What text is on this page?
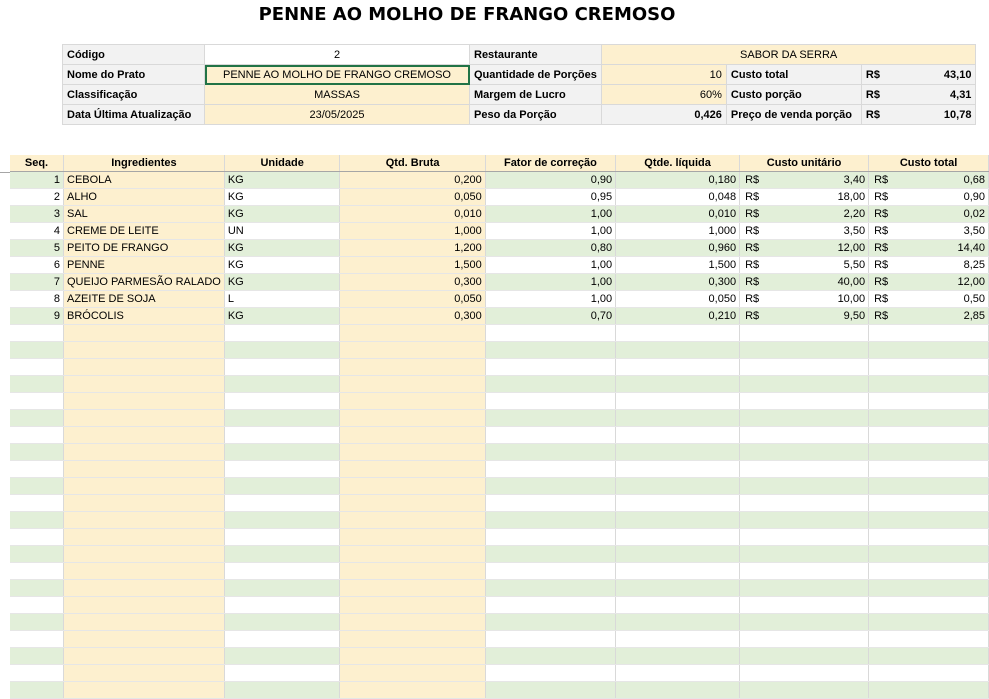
PENNE AO MOLHO DE FRANGO CREMOSO
Código	2	Restaurante	SABOR DA SERRA			
Nome do Prato	PENNE AO MOLHO DE FRANGO CREMOSO	Quantidade de Porções	10	Custo total	R$	43,10
Classificação	MASSAS	Margem de Lucro	60%	Custo porção	R$	4,31
Data Última Atualização	23/05/2025	Peso da Porção	0,426	Preço de venda porção	R$	10,78
Seq.	Ingredientes	Unidade	Qtd. Bruta	Fator de correção	Qtde. líquida	Custo unitário	Custo total
1	CEBOLA	KG	0,200	0,90	0,180	R$ 3,40	R$ 0,68
2	ALHO	KG	0,050	0,95	0,048	R$ 18,00	R$ 0,90
3	SAL	KG	0,010	1,00	0,010	R$ 2,20	R$ 0,02
4	CREME DE LEITE	UN	1,000	1,00	1,000	R$ 3,50	R$ 3,50
5	PEITO DE FRANGO	KG	1,200	0,80	0,960	R$ 12,00	R$ 14,40
6	PENNE	KG	1,500	1,00	1,500	R$ 5,50	R$ 8,25
7	QUEIJO PARMESÃO RALADO	KG	0,300	1,00	0,300	R$ 40,00	R$ 12,00
8	AZEITE DE SOJA	L	0,050	1,00	0,050	R$ 10,00	R$ 0,50
9	BRÓCOLIS	KG	0,300	0,70	0,210	R$ 9,50	R$ 2,85
